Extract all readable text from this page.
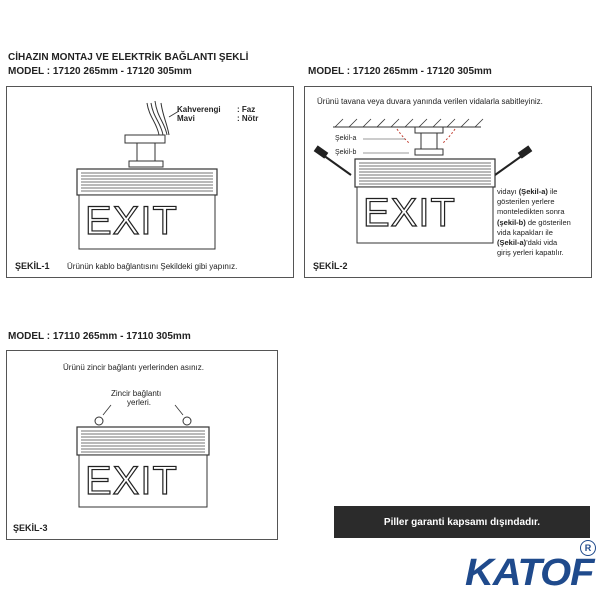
CİHAZIN MONTAJ VE ELEKTRİK BAĞLANTI ŞEKLİ
MODEL : 17120 265mm - 17120 305mm	MODEL : 17120 265mm - 17120 305mm
MODEL : 17110 265mm - 17110 305mm
Kahverengi
Mavi
: Faz
: Nötr
EXIT
ŞEKİL-1 Ürünün kablo bağlantısını Şekildeki gibi yapınız.
Ürünü tavana veya duvara yanında verilen vidalarla sabitleyiniz.
Şekil-a
Şekil-b
EXIT	vidayı (Şekil-a) ile
gösterilen yerlere
monteledikten sonra
(şekil-b) de gösterilen
vida kapakları ile
(Şekil-a)'daki vida
giriş yerleri kapatılır.
ŞEKİL-2
Ürünü zincir bağlantı yerlerinden asınız.
Zincir bağlantı
yerleri.
EXIT
ŞEKİL-3
Piller garanti kapsamı dışındadır.
KATOF
R
